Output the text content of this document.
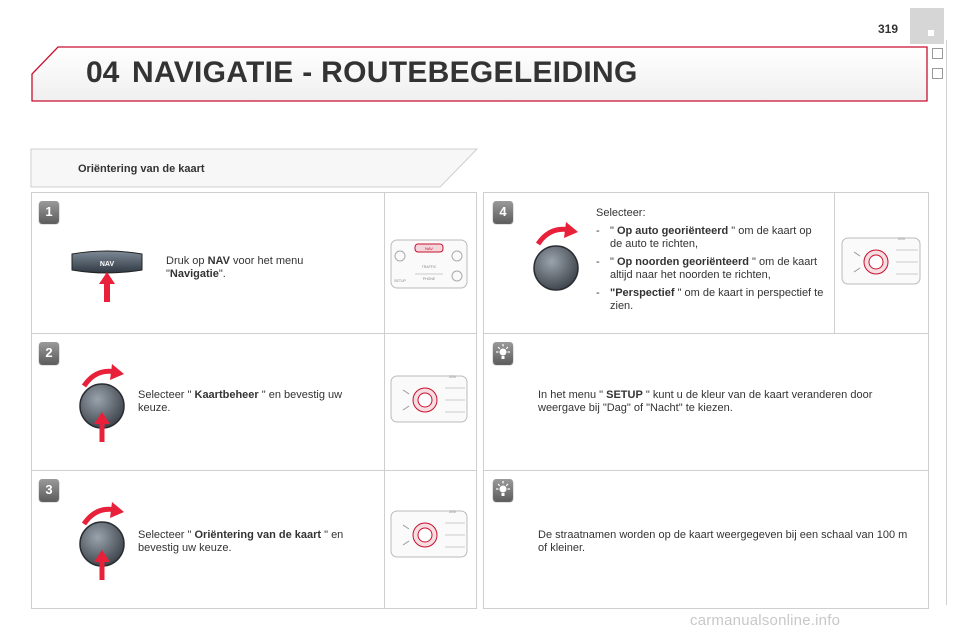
319
04 NAVIGATIE - ROUTEBEGELEIDING
Oriëntering van de kaart
1
NAV	Druk op NAV voor het menu "Navigatie".
NAV
TRAFFIC
PHONE
SETUP
2
Selecteer " Kaartbeheer " en bevestig uw keuze.
205
3
Selecteer " Oriëntering van de kaart " en bevestig uw keuze.
205
4	Selecteer:
- " Op auto georiënteerd " om de kaart op de auto te richten,
- " Op noorden georiënteerd " om de kaart altijd naar het noorden te richten,
- "Perspectief " om de kaart in perspectief te zien.
205
In het menu " SETUP " kunt u de kleur van de kaart veranderen door weergave bij "Dag" of "Nacht" te kiezen.
De straatnamen worden op de kaart weergegeven bij een schaal van 100 m of kleiner.
carmanualsonline.info
